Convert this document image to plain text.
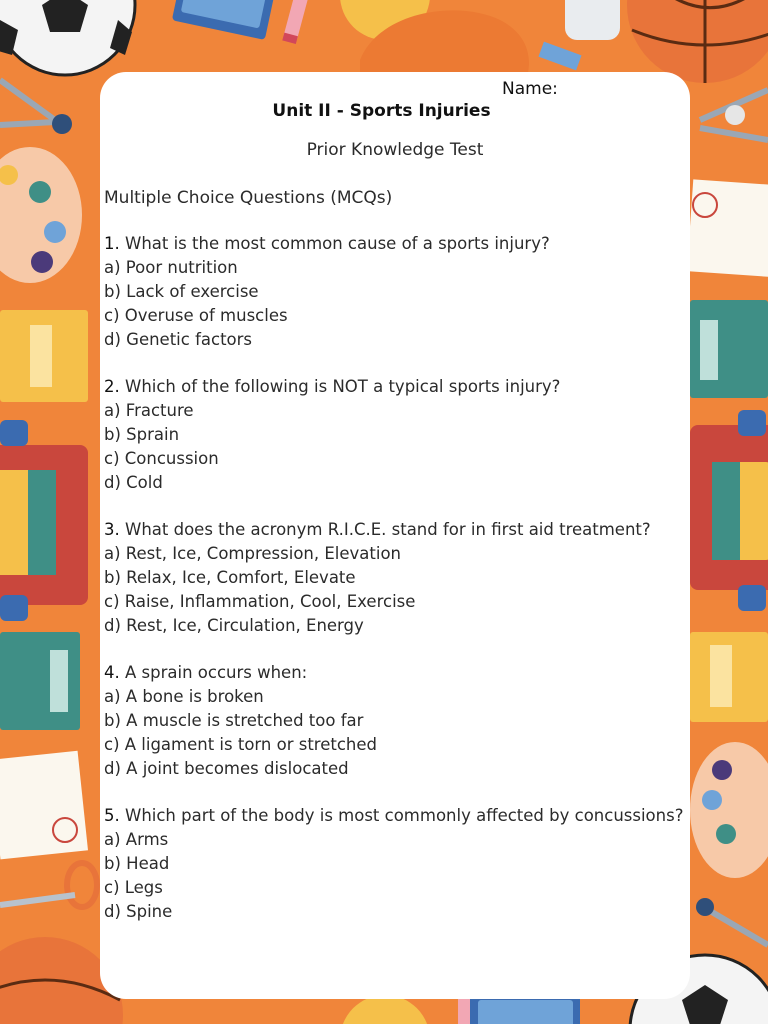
Name:
Unit II - Sports Injuries
Prior Knowledge Test
Multiple Choice Questions (MCQs)
1. What is the most common cause of a sports injury?
a) Poor nutrition
b) Lack of exercise
c) Overuse of muscles
d) Genetic factors
2. Which of the following is NOT a typical sports injury?
a) Fracture
b) Sprain
c) Concussion
d) Cold
3. What does the acronym R.I.C.E. stand for in first aid treatment?
a) Rest, Ice, Compression, Elevation
b) Relax, Ice, Comfort, Elevate
c) Raise, Inflammation, Cool, Exercise
d) Rest, Ice, Circulation, Energy
4. A sprain occurs when:
a) A bone is broken
b) A muscle is stretched too far
c) A ligament is torn or stretched
d) A joint becomes dislocated
5. Which part of the body is most commonly affected by concussions?
a) Arms
b) Head
c) Legs
d) Spine
